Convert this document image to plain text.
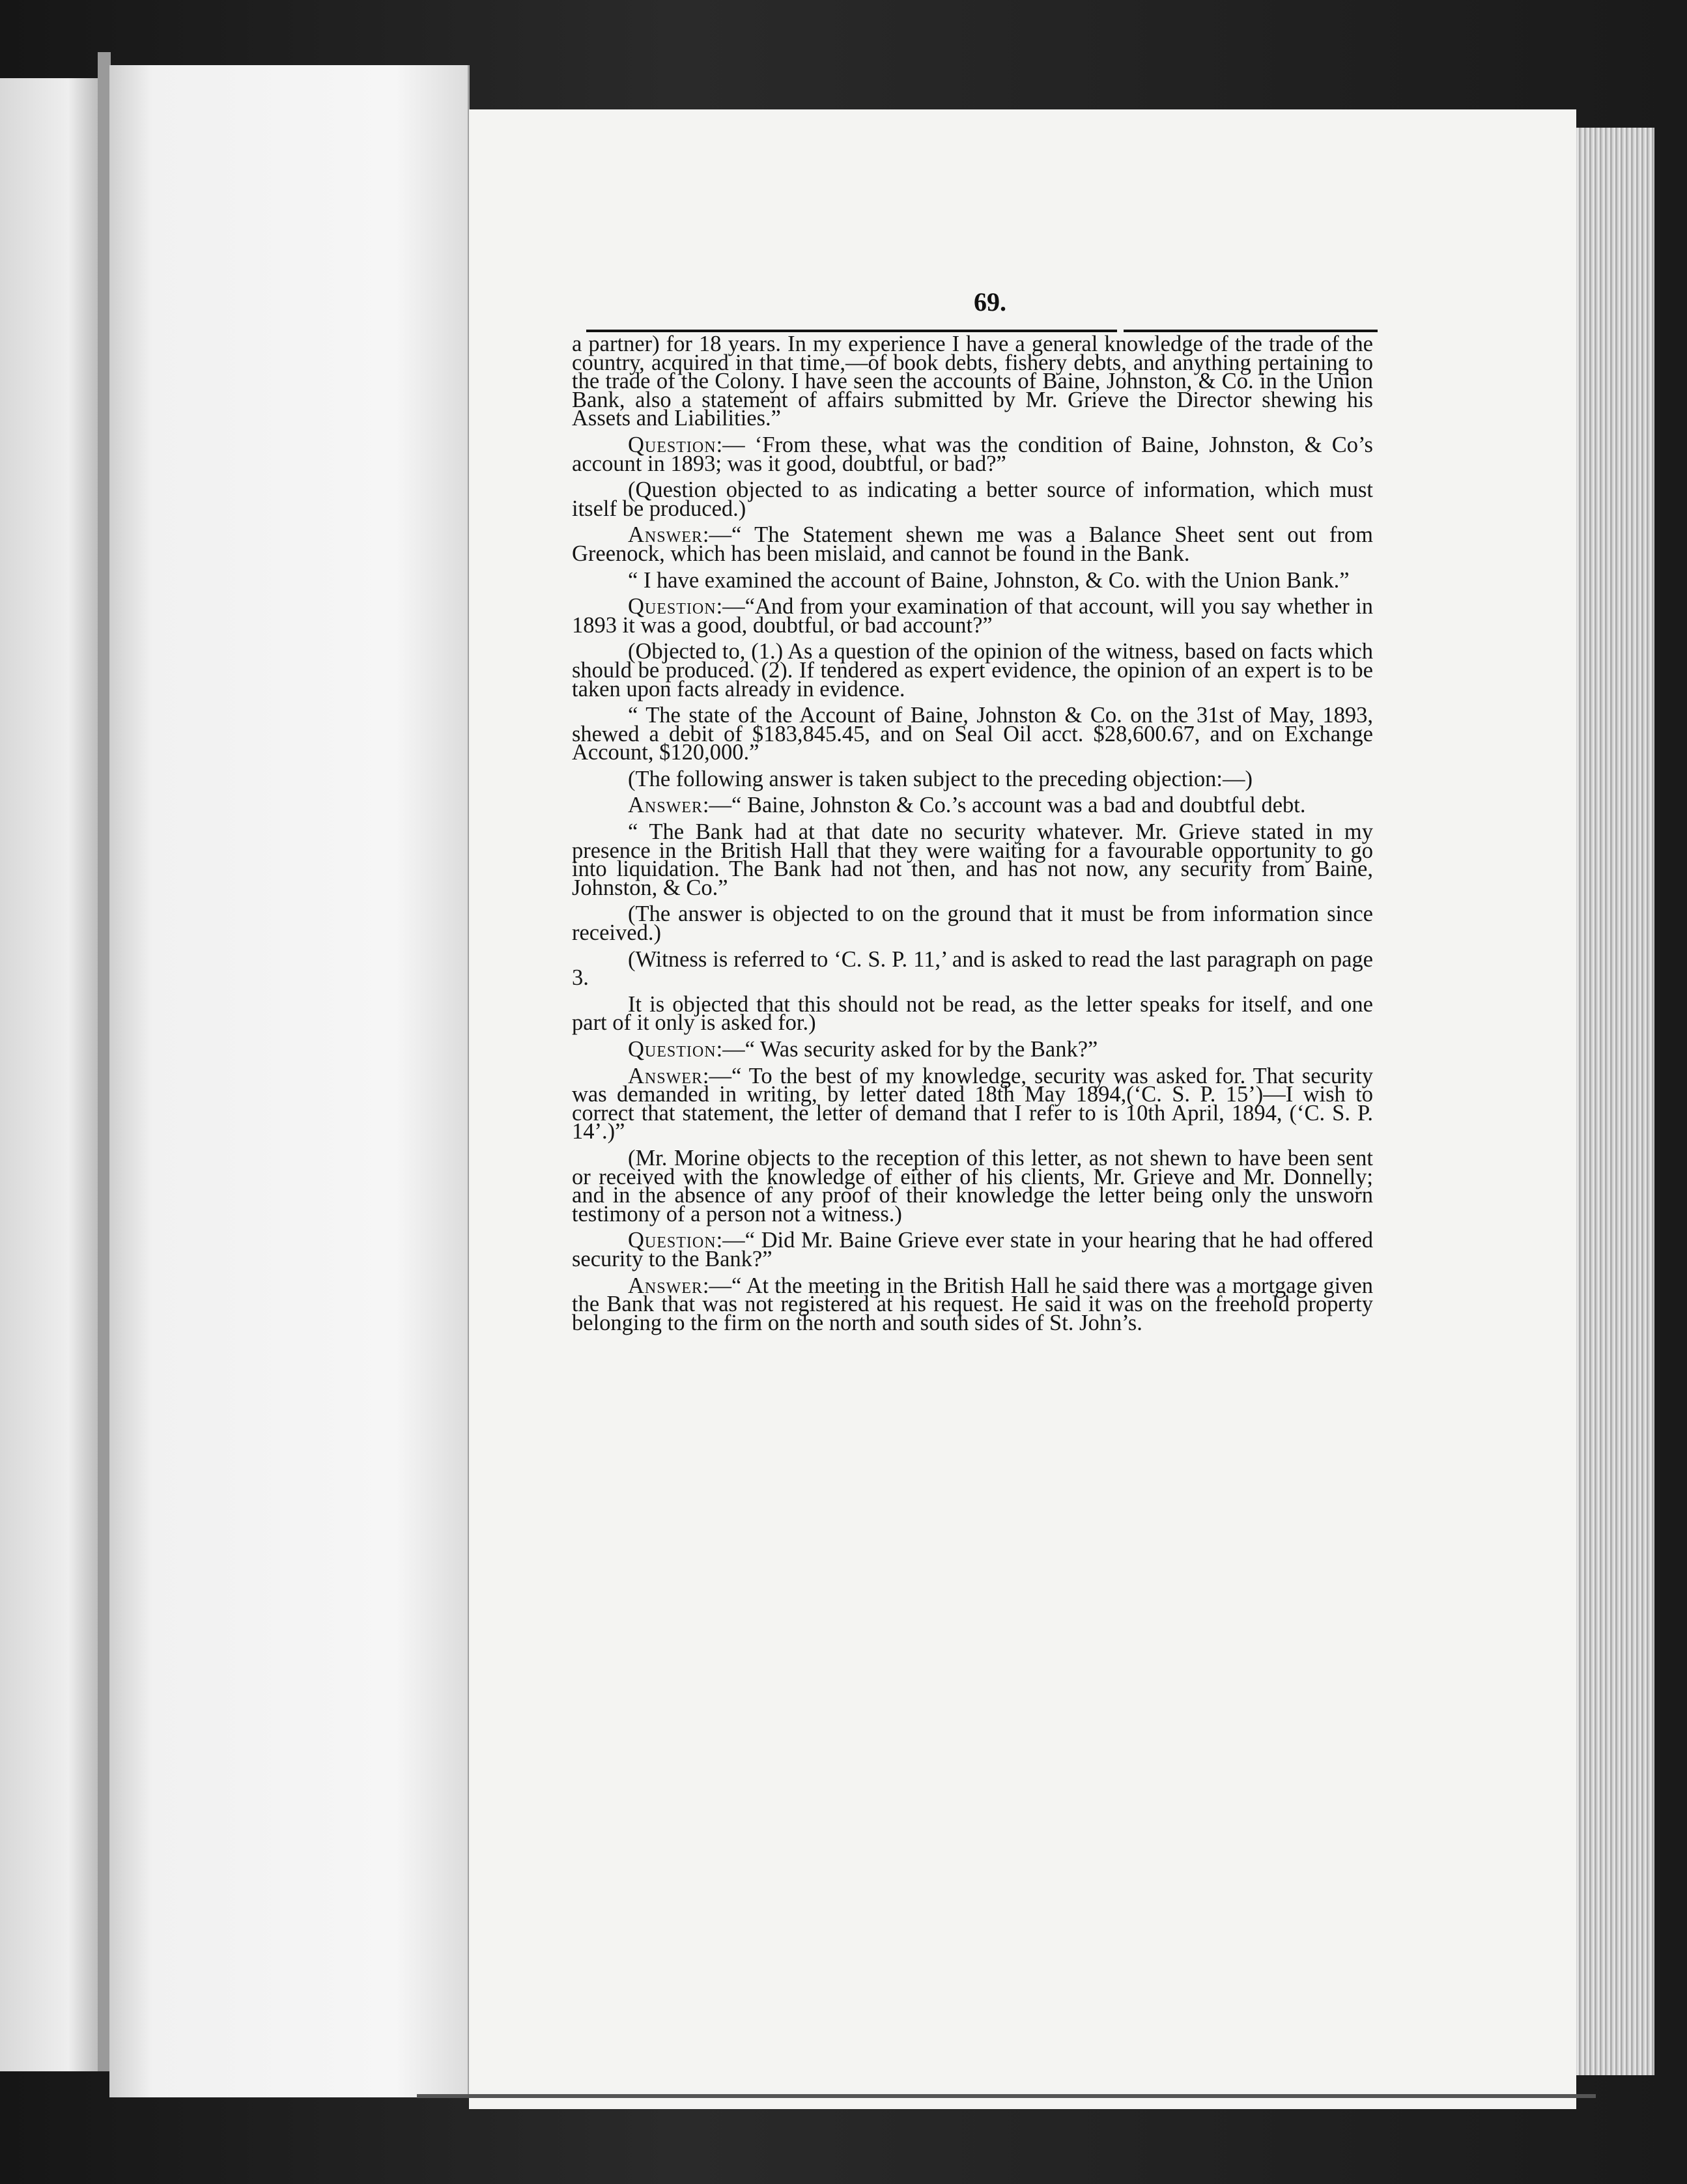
69.

a partner) for 18 years. In my experience I have a general knowledge of the trade of the country, acquired in that time,—of book debts, fishery debts, and anything pertaining to the trade of the Colony. I have seen the accounts of Baine, Johnston, & Co. in the Union Bank, also a statement of affairs submitted by Mr. Grieve the Director shewing his Assets and Liabilities.”

Question:— ‘From these, what was the condition of Baine, Johnston, & Co’s account in 1893; was it good, doubtful, or bad?”

(Question objected to as indicating a better source of information, which must itself be produced.)

Answer:—“ The Statement shewn me was a Balance Sheet sent out from Greenock, which has been mislaid, and cannot be found in the Bank.

“ I have examined the account of Baine, Johnston, & Co. with the Union Bank.”

Question:—“And from your examination of that account, will you say whether in 1893 it was a good, doubtful, or bad account?”

(Objected to, (1.) As a question of the opinion of the witness, based on facts which should be produced. (2). If tendered as expert evidence, the opinion of an expert is to be taken upon facts already in evidence.

“ The state of the Account of Baine, Johnston & Co. on the 31st of May, 1893, shewed a debit of $183,845.45, and on Seal Oil acct. $28,600.67, and on Exchange Account, $120,000.”

(The following answer is taken subject to the preceding objection:—)

Answer:—“ Baine, Johnston & Co.’s account was a bad and doubtful debt.

“ The Bank had at that date no security whatever. Mr. Grieve stated in my presence in the British Hall that they were waiting for a favourable opportunity to go into liquidation. The Bank had not then, and has not now, any security from Baine, Johnston, & Co.”

(The answer is objected to on the ground that it must be from information since received.)

(Witness is referred to ‘C. S. P. 11,’ and is asked to read the last paragraph on page 3.

It is objected that this should not be read, as the letter speaks for itself, and one part of it only is asked for.)

Question:—“ Was security asked for by the Bank?”

Answer:—“ To the best of my knowledge, security was asked for. That security was demanded in writing, by letter dated 18th May 1894,(‘C. S. P. 15’)—I wish to correct that statement, the letter of demand that I refer to is 10th April, 1894, (‘C. S. P. 14’.)”

(Mr. Morine objects to the reception of this letter, as not shewn to have been sent or received with the knowledge of either of his clients, Mr. Grieve and Mr. Donnelly; and in the absence of any proof of their knowledge the letter being only the unsworn testimony of a person not a witness.)

Question:—“ Did Mr. Baine Grieve ever state in your hearing that he had offered security to the Bank?”

Answer:—“ At the meeting in the British Hall he said there was a mortgage given the Bank that was not registered at his request. He said it was on the freehold property belonging to the firm on the north and south sides of St. John’s.
